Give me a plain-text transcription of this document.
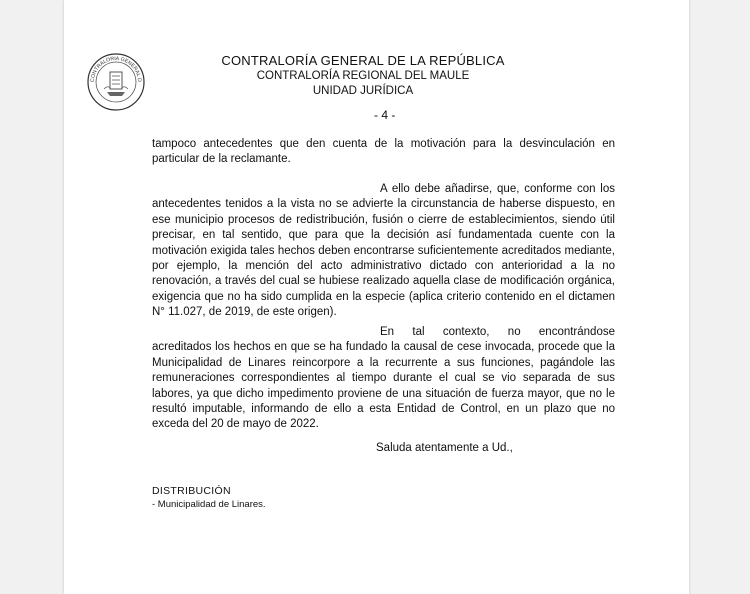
CONTRALORIA GENERAL D
CONTRALORÍA GENERAL DE LA REPÚBLICA
CONTRALORÍA REGIONAL DEL MAULE
UNIDAD JURÍDICA
- 4 -
tampoco antecedentes que den cuenta de la motivación para la desvinculación en particular de la reclamante.
A ello debe añadirse, que, conforme con los antecedentes tenidos a la vista no se advierte la circunstancia de haberse dispuesto, en ese municipio procesos de redistribución, fusión o cierre de establecimientos, siendo útil precisar, en tal sentido, que para que la decisión así fundamentada cuente con la motivación exigida tales hechos deben encontrarse suficientemente acreditados mediante, por ejemplo, la mención del acto administrativo dictado con anterioridad a la no renovación, a través del cual se hubiese realizado aquella clase de modificación orgánica, exigencia que no ha sido cumplida en la especie (aplica criterio contenido en el dictamen N° 11.027, de 2019, de este origen).
En tal contexto, no encontrándose acreditados los hechos en que se ha fundado la causal de cese invocada, procede que la Municipalidad de Linares reincorpore a la recurrente a sus funciones, pagándole las remuneraciones correspondientes al tiempo durante el cual se vio separada de sus labores, ya que dicho impedimento proviene de una situación de fuerza mayor, que no le resultó imputable, informando de ello a esta Entidad de Control, en un plazo que no exceda del 20 de mayo de 2022.
Saluda atentamente a Ud.,
DISTRIBUCIÓN
- Municipalidad de Linares.
